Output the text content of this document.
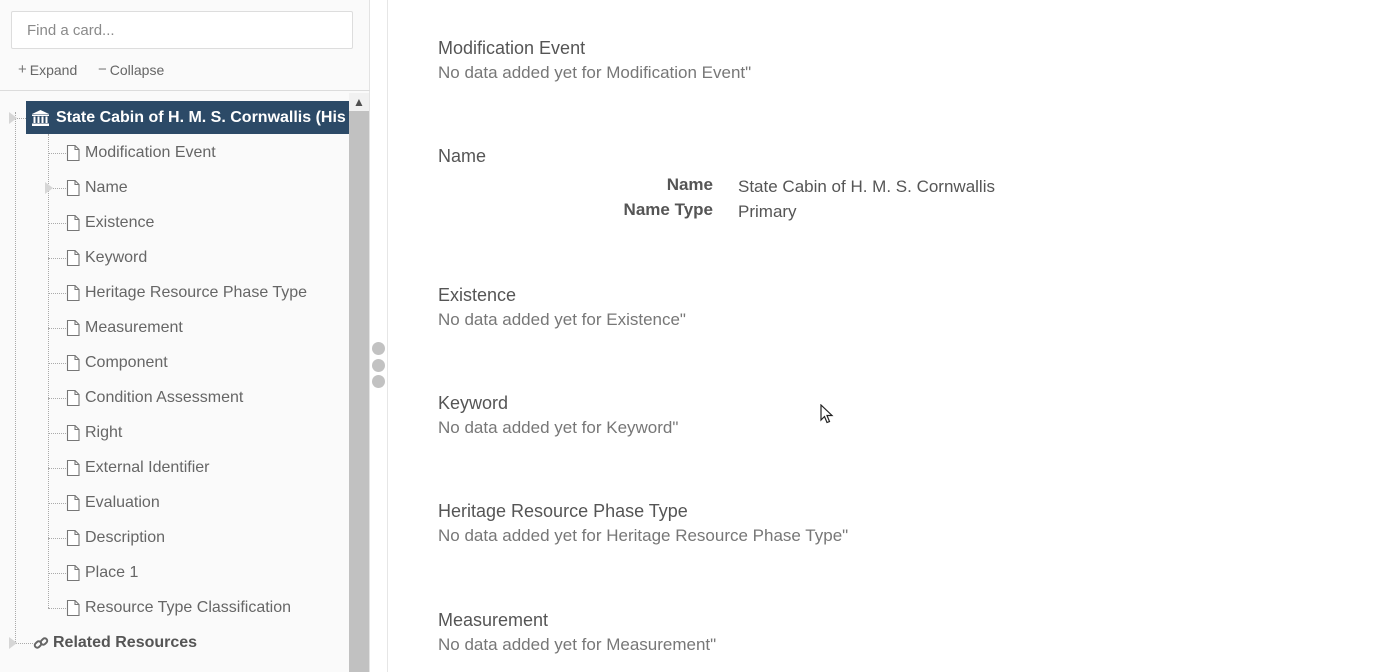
Find a card...
+ Expand − Collapse
State Cabin of H. M. S. Cornwallis (His
Modification Event
Name
Existence
Keyword
Heritage Resource Phase Type
Measurement
Component
Condition Assessment
Right
External Identifier
Evaluation
Description
Place 1
Resource Type Classification
Related Resources
▲
Modification Event
No data added yet for Modification Event"
Name
Name State Cabin of H. M. S. Cornwallis
Name Type Primary
Existence
No data added yet for Existence"
Keyword
No data added yet for Keyword"
Heritage Resource Phase Type
No data added yet for Heritage Resource Phase Type"
Measurement
No data added yet for Measurement"
